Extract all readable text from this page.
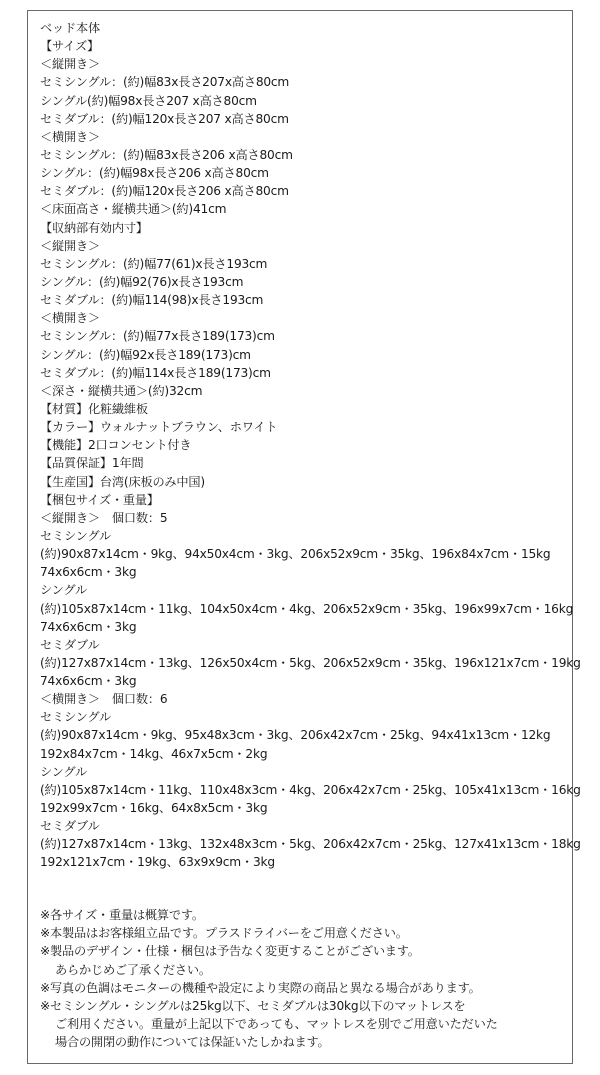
ベッド本体
【サイズ】
＜縦開き＞
セミシングル：(約)幅83x長さ207x高さ80cm
シングル(約)幅98x長さ207 x高さ80cm
セミダブル：(約)幅120x長さ207 x高さ80cm
＜横開き＞
セミシングル：(約)幅83x長さ206 x高さ80cm
シングル：(約)幅98x長さ206 x高さ80cm
セミダブル：(約)幅120x長さ206 x高さ80cm
＜床面高さ・縦横共通＞(約)41cm
【収納部有効内寸】
＜縦開き＞
セミシングル：(約)幅77(61)x長さ193cm
シングル：(約)幅92(76)x長さ193cm
セミダブル：(約)幅114(98)x長さ193cm
＜横開き＞
セミシングル：(約)幅77x長さ189(173)cm
シングル：(約)幅92x長さ189(173)cm
セミダブル：(約)幅114x長さ189(173)cm
＜深さ・縦横共通＞(約)32cm
【材質】化粧繊維板
【カラー】ウォルナットブラウン、ホワイト
【機能】2口コンセント付き
【品質保証】1年間
【生産国】台湾(床板のみ中国)
【梱包サイズ・重量】
＜縦開き＞　個口数：5
セミシングル
(約)90x87x14cm・9kg、94x50x4cm・3kg、206x52x9cm・35kg、196x84x7cm・15kg
74x6x6cm・3kg
シングル
(約)105x87x14cm・11kg、104x50x4cm・4kg、206x52x9cm・35kg、196x99x7cm・16kg
74x6x6cm・3kg
セミダブル
(約)127x87x14cm・13kg、126x50x4cm・5kg、206x52x9cm・35kg、196x121x7cm・19kg
74x6x6cm・3kg
＜横開き＞　個口数：6
セミシングル
(約)90x87x14cm・9kg、95x48x3cm・3kg、206x42x7cm・25kg、94x41x13cm・12kg
192x84x7cm・14kg、46x7x5cm・2kg
シングル
(約)105x87x14cm・11kg、110x48x3cm・4kg、206x42x7cm・25kg、105x41x13cm・16kg
192x99x7cm・16kg、64x8x5cm・3kg
セミダブル
(約)127x87x14cm・13kg、132x48x3cm・5kg、206x42x7cm・25kg、127x41x13cm・18kg
192x121x7cm・19kg、63x9x9cm・3kg
※各サイズ・重量は概算です。
※本製品はお客様組立品です。プラスドライバーをご用意ください。
※製品のデザイン・仕様・梱包は予告なく変更することがございます。
あらかじめご了承ください。
※写真の色調はモニターの機種や設定により実際の商品と異なる場合があります。
※セミシングル・シングルは25kg以下、セミダブルは30kg以下のマットレスを
ご利用ください。重量が上記以下であっても、マットレスを別でご用意いただいた
場合の開閉の動作については保証いたしかねます。
